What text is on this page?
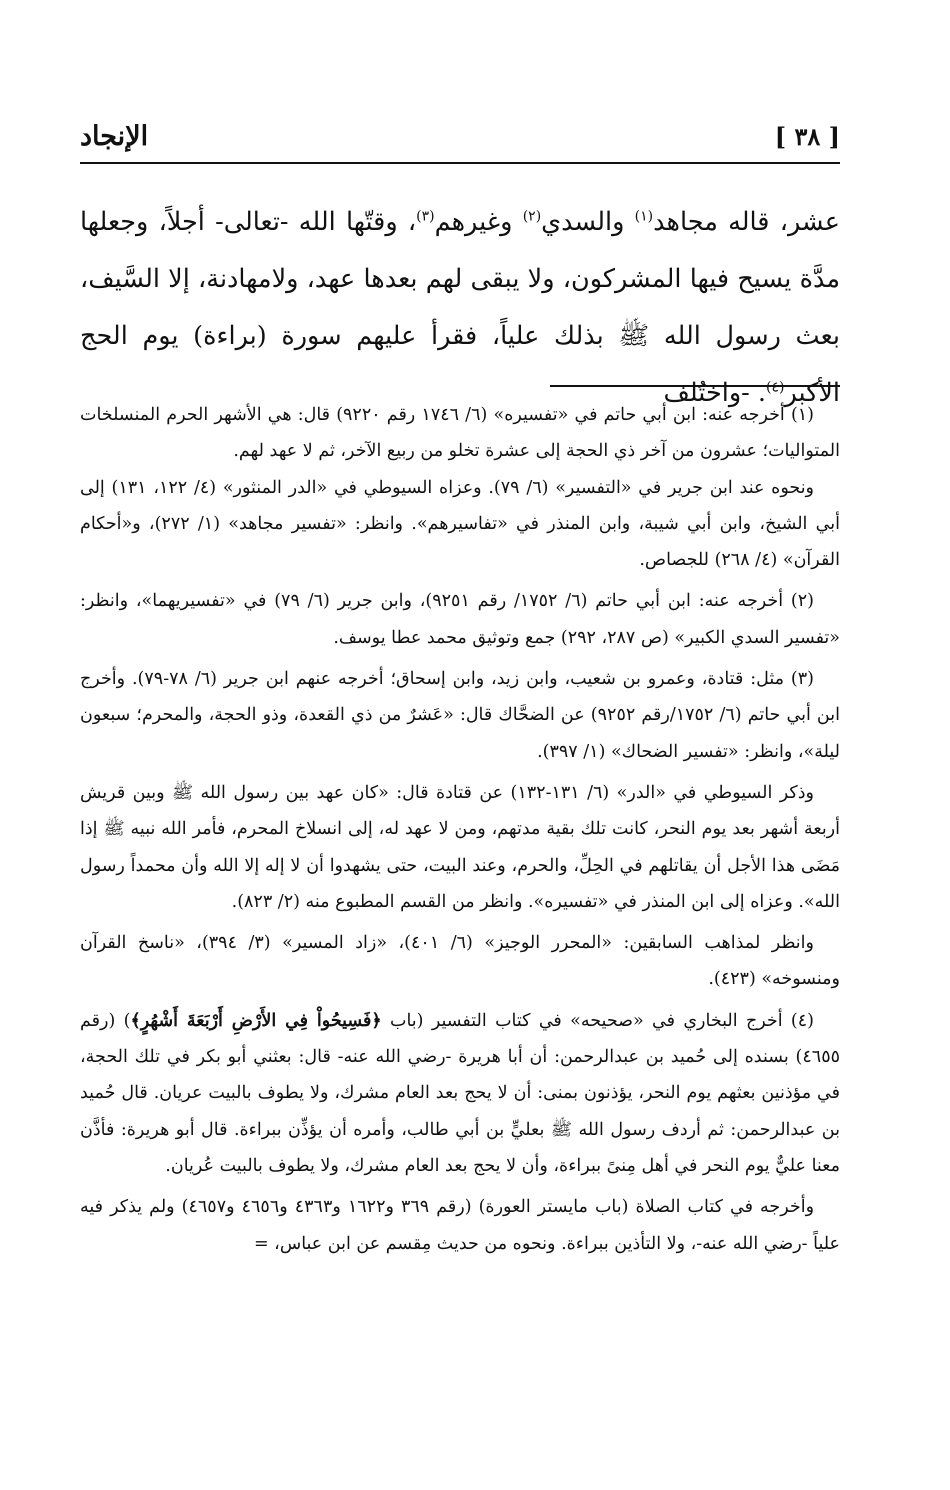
[ ٣٨ ]
الإنجاد

عشر، قاله مجاهد$^{(١)}$ والسدي$^{(٢)}$ وغيرهم$^{(٣)}$، وقتّها الله -تعالى- أجلاً، وجعلها مدَّة يسيح فيها المشركون، ولا يبقى لهم بعدها عهد، ولامهادنة، إلا السَّيف، بعث رسول الله ﷺ بذلك علياً، فقرأ عليهم سورة (براءة) يوم الحج الأكبر$^{(٤)}$. -واختُلف

(١) أخرجه عنه: ابن أبي حاتم في «تفسيره» (٦/ ١٧٤٦ رقم ٩٢٢٠) قال: هي الأشهر الحرم المنسلخات المتواليات؛ عشرون من آخر ذي الحجة إلى عشرة تخلو من ربيع الآخر، ثم لا عهد لهم.

ونحوه عند ابن جرير في «التفسير» (٦/ ٧٩). وعزاه السيوطي في «الدر المنثور» (٤/ ١٢٢، ١٣١) إلى أبي الشيخ، وابن أبي شيبة، وابن المنذر في «تفاسيرهم». وانظر: «تفسير مجاهد» (١/ ٢٧٢)، و«أحكام القرآن» (٤/ ٢٦٨) للجصاص.

(٢) أخرجه عنه: ابن أبي حاتم (٦/ ١٧٥٢/ رقم ٩٢٥١)، وابن جرير (٦/ ٧٩) في «تفسيريهما»، وانظر: «تفسير السدي الكبير» (ص ٢٨٧، ٢٩٢) جمع وتوثيق محمد عطا يوسف.

(٣) مثل: قتادة، وعمرو بن شعيب، وابن زيد، وابن إسحاق؛ أخرجه عنهم ابن جرير (٦/ ٧٨-٧٩). وأخرج ابن أبي حاتم (٦/ ١٧٥٢/رقم ٩٢٥٢) عن الضحَّاك قال: «عَشرٌ من ذي القعدة، وذو الحجة، والمحرم؛ سبعون ليلة»، وانظر: «تفسير الضحاك» (١/ ٣٩٧).

وذكر السيوطي في «الدر» (٦/ ١٣١-١٣٢) عن قتادة قال: «كان عهد بين رسول الله ﷺ وبين قريش أربعة أشهر بعد يوم النحر، كانت تلك بقية مدتهم، ومن لا عهد له، إلى انسلاخ المحرم، فأمر الله نبيه ﷺ إذا مَضَى هذا الأجل أن يقاتلهم في الحِلِّ، والحرم، وعند البيت، حتى يشهدوا أن لا إله إلا الله وأن محمداً رسول الله». وعزاه إلى ابن المنذر في «تفسيره». وانظر من القسم المطبوع منه (٢/ ٨٢٣).

وانظر لمذاهب السابقين: «المحرر الوجيز» (٦/ ٤٠١)، «زاد المسير» (٣/ ٣٩٤)، «ناسخ القرآن ومنسوخه» (٤٢٣).

(٤) أخرج البخاري في «صحيحه» في كتاب التفسير (باب ﴿فَسِيحُواْ فِي الأَرْضِ أَرْبَعَةَ أَشْهُرٍ﴾) (رقم ٤٦٥٥) بسنده إلى حُميد بن عبدالرحمن: أن أبا هريرة -رضي الله عنه- قال: بعثني أبو بكر في تلك الحجة، في مؤذنين بعثهم يوم النحر، يؤذنون بمنى: أن لا يحج بعد العام مشرك، ولا يطوف بالبيت عريان. قال حُميد بن عبدالرحمن: ثم أردف رسول الله ﷺ بعليٍّ بن أبي طالب، وأمره أن يؤذِّن ببراءة. قال أبو هريرة: فأذَّن معنا عليٌّ يوم النحر في أهل مِنىً ببراءة، وأن لا يحج بعد العام مشرك، ولا يطوف بالبيت عُريان.

وأخرجه في كتاب الصلاة (باب مايستر العورة) (رقم ٣٦٩ و١٦٢٢ و٤٣٦٣ و٤٦٥٦ و٤٦٥٧) ولم يذكر فيه علياً -رضي الله عنه-، ولا التأذين ببراءة. ونحوه من حديث مِقسم عن ابن عباس، =
